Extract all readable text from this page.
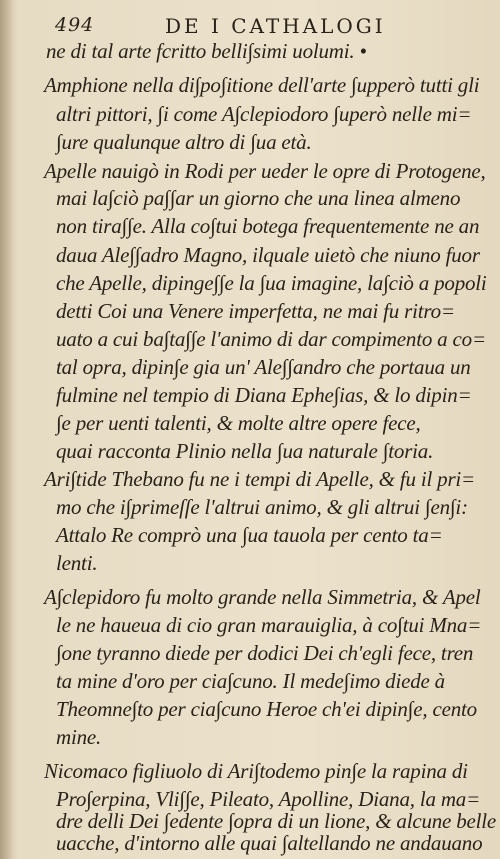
494	DE I CATHALOGI
ne di tal arte fcritto belli∫simi uolumi. •
Amphione nella di∫po∫itione dell'arte ∫upperò tutti gli
altri pittori, ∫i come A∫clepiodoro ∫uperò nelle mi=
∫ure qualunque altro di ∫ua età.
Apelle nauigò in Rodi per ueder le opre di Protogene,
mai la∫ciò pa∫∫ar un giorno che una linea almeno
non tira∫∫e. Alla co∫tui botega frequentemente ne an
daua Ale∫∫adro Magno, ilquale uietò che niuno fuor
che Apelle, dipinge∫∫e la ∫ua imagine, la∫ciò a popoli
detti Coi una Venere imperfetta, ne mai fu ritro=
uato a cui ba∫ta∫∫e l'animo di dar compimento a co=
tal opra, dipin∫e gia un' Ale∫∫andro che portaua un
fulmine nel tempio di Diana Ephe∫ias, & lo dipin=
∫e per uenti talenti, & molte altre opere fece,
quai racconta Plinio nella ∫ua naturale ∫toria.
Ari∫tide Thebano fu ne i tempi di Apelle, & fu il pri=
mo che i∫primeſſe l'altrui animo, & gli altrui ∫en∫i:
Attalo Re comprò una ∫ua tauola per cento ta=
lenti.
A∫clepidoro fu molto grande nella Simmetria, & Apel
le ne haueua di cio gran marauiglia, à co∫tui Mna=
∫one tyranno diede per dodici Dei ch'egli fece, tren
ta mine d'oro per cia∫cuno. Il mede∫imo diede à
Theomne∫to per cia∫cuno Heroe ch'ei dipin∫e, cento
mine.
Nicomaco figliuolo di Ari∫todemo pin∫e la rapina di
Pro∫erpina, Vli∫∫e, Pileato, Apolline, Diana, la ma=
dre delli Dei ∫edente ∫opra di un lione, & alcune belle
uacche, d'intorno alle quai ∫altellando ne andauano
